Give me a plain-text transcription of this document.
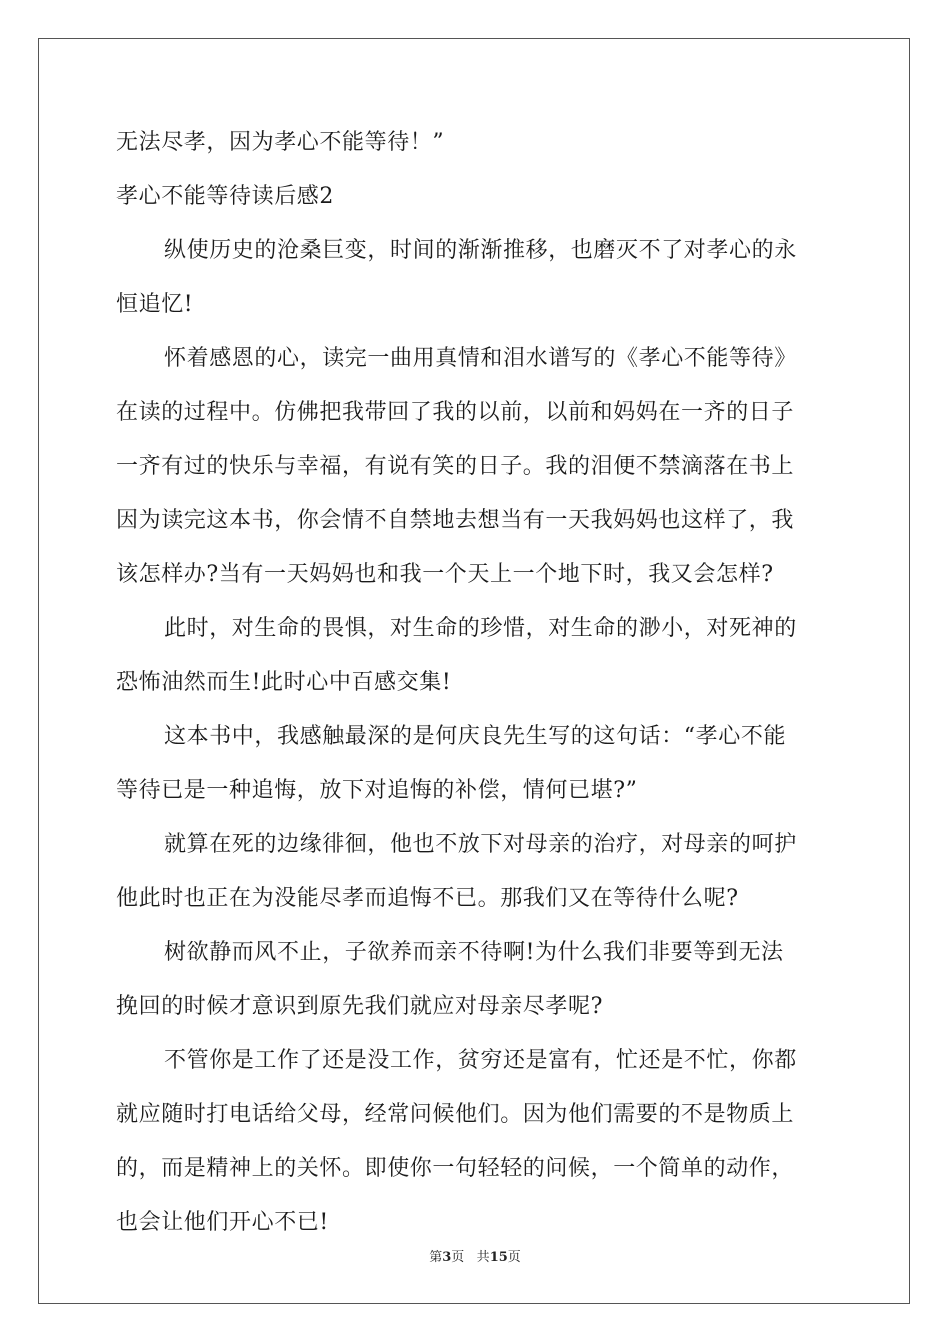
无法尽孝，因为孝心不能等待！”
孝心不能等待读后感2
纵使历史的沧桑巨变，时间的渐渐推移，也磨灭不了对孝心的永
恒追忆!
怀着感恩的心，读完一曲用真情和泪水谱写的《孝心不能等待》
在读的过程中。仿佛把我带回了我的以前，以前和妈妈在一齐的日子
一齐有过的快乐与幸福，有说有笑的日子。我的泪便不禁滴落在书上
因为读完这本书，你会情不自禁地去想当有一天我妈妈也这样了，我
该怎样办?当有一天妈妈也和我一个天上一个地下时，我又会怎样?
此时，对生命的畏惧，对生命的珍惜，对生命的渺小，对死神的
恐怖油然而生!此时心中百感交集!
这本书中，我感触最深的是何庆良先生写的这句话：“孝心不能
等待已是一种追悔，放下对追悔的补偿，情何已堪?”
就算在死的边缘徘徊，他也不放下对母亲的治疗，对母亲的呵护
他此时也正在为没能尽孝而追悔不已。那我们又在等待什么呢?
树欲静而风不止，子欲养而亲不待啊!为什么我们非要等到无法
挽回的时候才意识到原先我们就应对母亲尽孝呢?
不管你是工作了还是没工作，贫穷还是富有，忙还是不忙，你都
就应随时打电话给父母，经常问候他们。因为他们需要的不是物质上
的，而是精神上的关怀。即使你一句轻轻的问候，一个简单的动作，
也会让他们开心不已!
第3页 共15页
